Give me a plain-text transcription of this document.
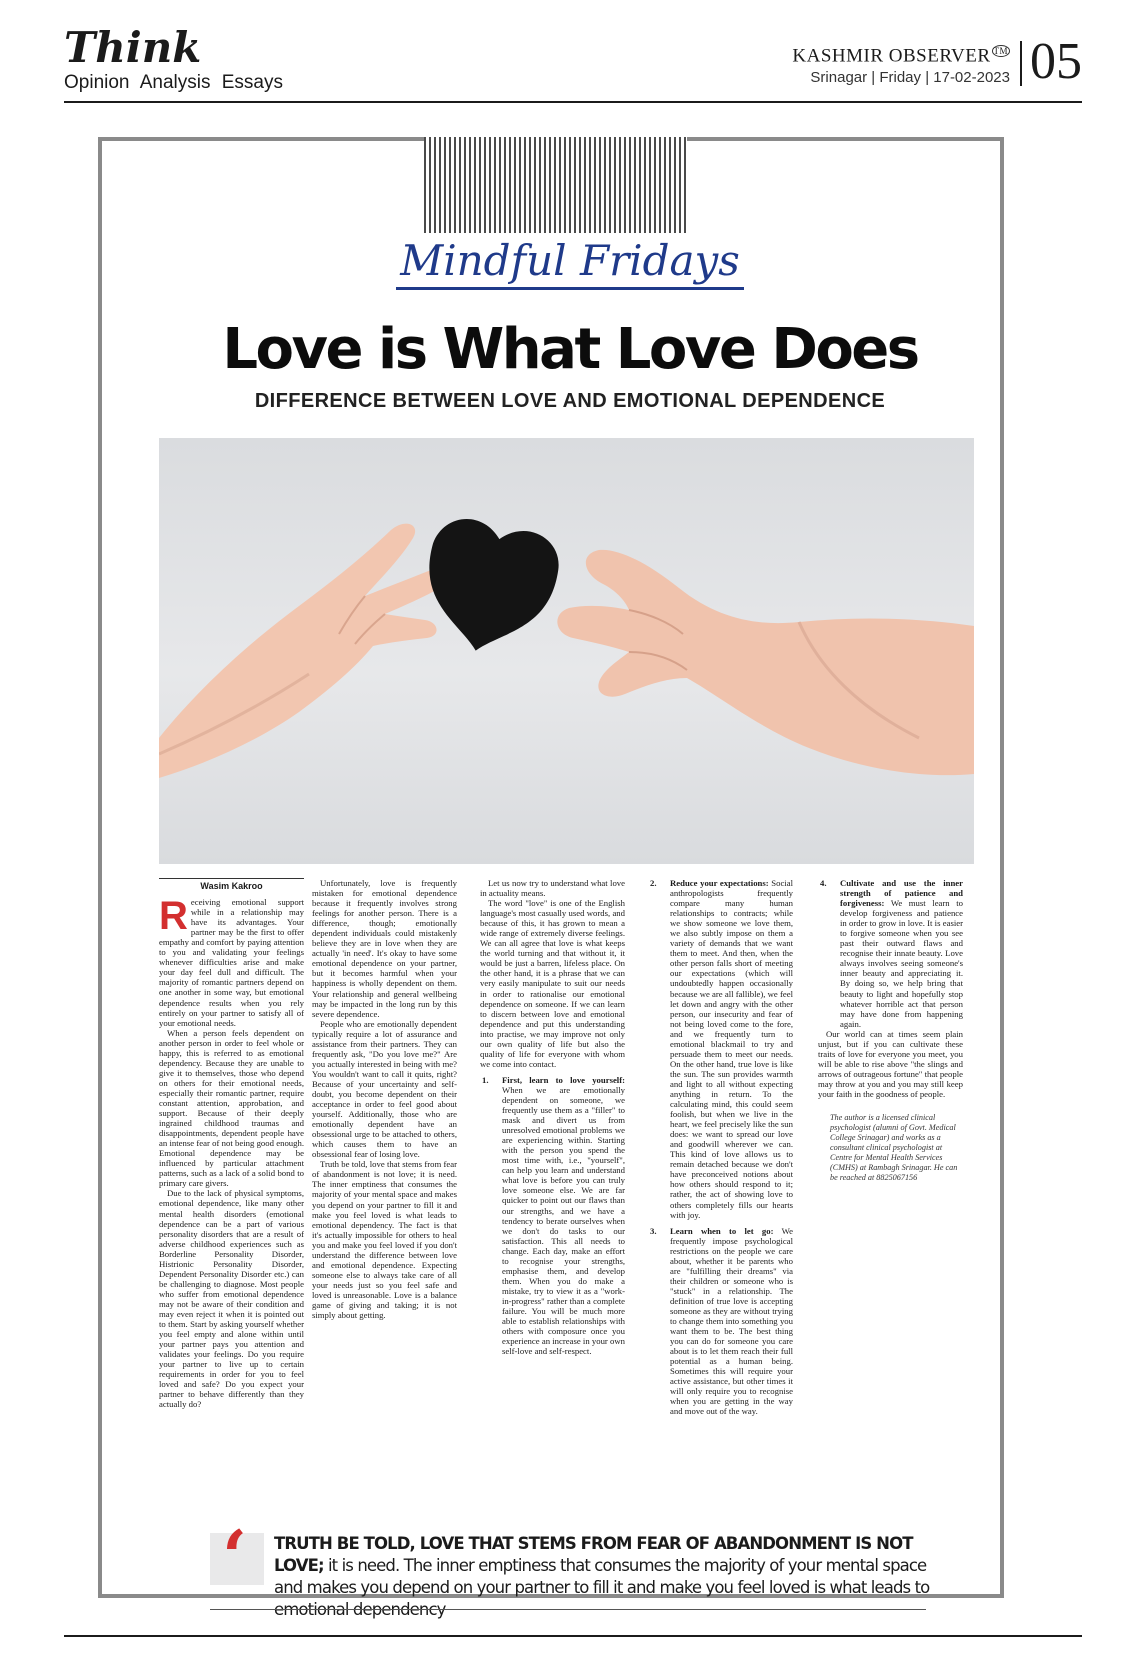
Think
Opinion Analysis Essays
KASHMIR OBSERVER ™
Srinagar | Friday | 17-02-2023 05
Mindful Fridays
Love is What Love Does
DIFFERENCE BETWEEN LOVE AND EMOTIONAL DEPENDENCE
Wasim Kakroo

Receiving emotional support while in a relationship may have its advantages. Your partner may be the first to offer empathy and comfort by paying attention to you and validating your feelings whenever difficulties arise and make your day feel dull and difficult. The majority of romantic partners depend on one another in some way, but emotional dependence results when you rely entirely on your partner to satisfy all of your emotional needs.

When a person feels dependent on another person in order to feel whole or happy, this is referred to as emotional dependency. Because they are unable to give it to themselves, those who depend on others for their emotional needs, especially their romantic partner, require constant attention, approbation, and support. Because of their deeply ingrained childhood traumas and disappointments, dependent people have an intense fear of not being good enough. Emotional dependence may be influenced by particular attachment patterns, such as a lack of a solid bond to primary care givers.

Due to the lack of physical symptoms, emotional dependence, like many other mental health disorders (emotional dependence can be a part of various personality disorders that are a result of adverse childhood experiences such as Borderline Personality Disorder, Histrionic Personality Disorder, Dependent Personality Disorder etc.) can be challenging to diagnose. Most people who suffer from emotional dependence may not be aware of their condition and may even reject it when it is pointed out to them. Start by asking yourself whether you feel empty and alone within until your partner pays you attention and validates your feelings. Do you require your partner to live up to certain requirements in order for you to feel loved and safe? Do you expect your partner to behave differently than they actually do?

Unfortunately, love is frequently mistaken for emotional dependence because it frequently involves strong feelings for another person. There is a difference, though; emotionally dependent individuals could mistakenly believe they are in love when they are actually 'in need'. It's okay to have some emotional dependence on your partner, but it becomes harmful when your happiness is wholly dependent on them. Your relationship and general wellbeing may be impacted in the long run by this severe dependence.

People who are emotionally dependent typically require a lot of assurance and assistance from their partners. They can frequently ask, "Do you love me?" Are you actually interested in being with me? You wouldn't want to call it quits, right? Because of your uncertainty and self-doubt, you become dependent on their acceptance in order to feel good about yourself. Additionally, those who are emotionally dependent have an obsessional urge to be attached to others, which causes them to have an obsessional fear of losing love.

Truth be told, love that stems from fear of abandonment is not love; it is need. The inner emptiness that consumes the majority of your mental space and makes you depend on your partner to fill it and make you feel loved is what leads to emotional dependency. The fact is that it's actually impossible for others to heal you and make you feel loved if you don't understand the difference between love and emotional dependence. Expecting someone else to always take care of all your needs just so you feel safe and loved is unreasonable. Love is a balance game of giving and taking; it is not simply about getting.

Let us now try to understand what love in actuality means.

The word "love" is one of the English language's most casually used words, and because of this, it has grown to mean a wide range of extremely diverse feelings. We can all agree that love is what keeps the world turning and that without it, it would be just a barren, lifeless place. On the other hand, it is a phrase that we can very easily manipulate to suit our needs in order to rationalise our emotional dependence on someone. If we can learn to discern between love and emotional dependence and put this understanding into practise, we may improve not only our own quality of life but also the quality of life for everyone with whom we come into contact.

1.	First, learn to love yourself: When we are emotionally dependent on someone, we frequently use them as a "filler" to mask and divert us from unresolved emotional problems we are experiencing within. Starting with the person you spend the most time with, i.e., "yourself", can help you learn and understand what love is before you can truly love someone else. We are far quicker to point out our flaws than our strengths, and we have a tendency to berate ourselves when we don't do tasks to our satisfaction. This all needs to change. Each day, make an effort to recognise your strengths, emphasise them, and develop them. When you do make a mistake, try to view it as a "work-in-progress" rather than a complete failure. You will be much more able to establish relationships with others with composure once you experience an increase in your own self-love and self-respect.
2.	Reduce your expectations: Social anthropologists frequently compare many human relationships to contracts; while we show someone we love them, we also subtly impose on them a variety of demands that we want them to meet. And then, when the other person falls short of meeting our expectations (which will undoubtedly happen occasionally because we are all fallible), we feel let down and angry with the other person, our insecurity and fear of not being loved come to the fore, and we frequently turn to emotional blackmail to try and persuade them to meet our needs. On the other hand, true love is like the sun. The sun provides warmth and light to all without expecting anything in return. To the calculating mind, this could seem foolish, but when we live in the heart, we feel precisely like the sun does: we want to spread our love and goodwill wherever we can. This kind of love allows us to remain detached because we don't have preconceived notions about how others should respond to it; rather, the act of showing love to others completely fills our hearts with joy.
3.	Learn when to let go: We frequently impose psychological restrictions on the people we care about, whether it be parents who are "fulfilling their dreams" via their children or someone who is "stuck" in a relationship. The definition of true love is accepting someone as they are without trying to change them into something you want them to be. The best thing you can do for someone you care about is to let them reach their full potential as a human being. Sometimes this will require your active assistance, but other times it will only require you to recognise when you are getting in the way and move out of the way.
4.	Cultivate and use the inner strength of patience and forgiveness: We must learn to develop forgiveness and patience in order to grow in love. It is easier to forgive someone when you see past their outward flaws and recognise their innate beauty. Love always involves seeing someone's inner beauty and appreciating it. By doing so, we help bring that beauty to light and hopefully stop whatever horrible act that person may have done from happening again.

Our world can at times seem plain unjust, but if you can cultivate these traits of love for everyone you meet, you will be able to rise above "the slings and arrows of outrageous fortune" that people may throw at you and you may still keep your faith in the goodness of people.

The author is a licensed clinical psychologist (alumni of Govt. Medical College Srinagar) and works as a consultant clinical psychologist at Centre for Mental Health Services (CMHS) at Rambagh Srinagar. He can be reached at 8825067156
‘ TRUTH BE TOLD, LOVE THAT STEMS FROM FEAR OF ABANDONMENT IS NOT LOVE; it is need. The inner emptiness that consumes the majority of your mental space and makes you depend on your partner to fill it and make you feel loved is what leads to emotional dependency
